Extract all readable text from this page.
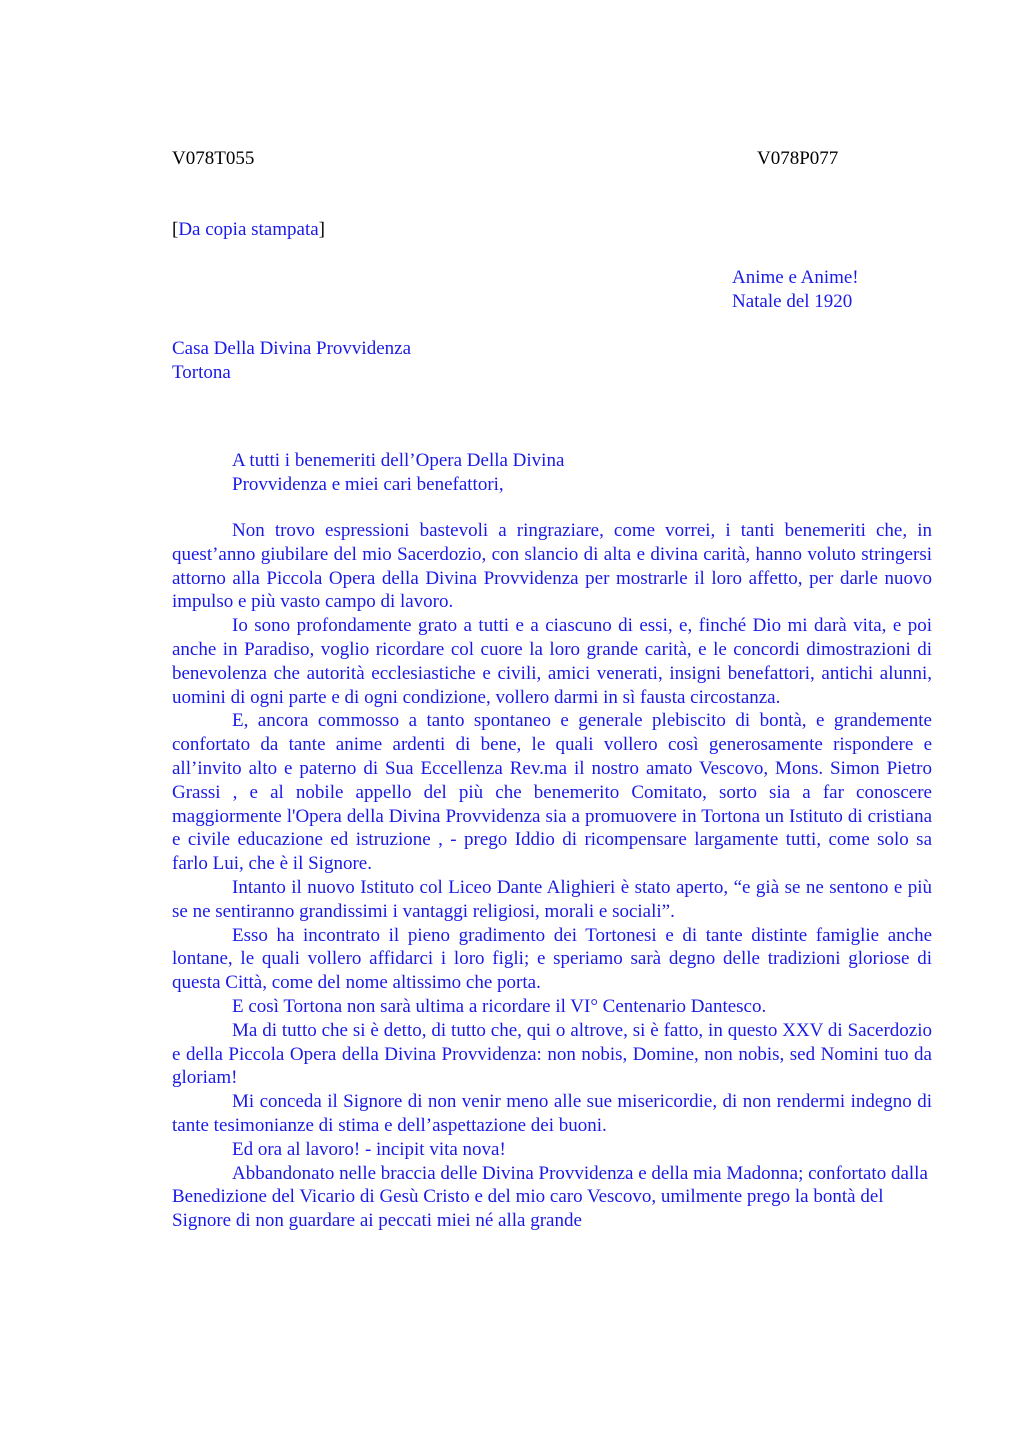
V078T055	V078P077
[Da copia stampata]
Anime e Anime!
Natale del 1920
Casa Della Divina Provvidenza
Tortona
A tutti i benemeriti dell’Opera Della Divina
Provvidenza e miei cari benefattori,

Non trovo espressioni bastevoli a ringraziare, come vorrei, i tanti benemeriti che, in quest’anno giubilare del mio Sacerdozio, con slancio di alta e divina carità, hanno voluto stringersi attorno alla Piccola Opera della Divina Provvidenza per mostrarle il loro affetto, per darle nuovo impulso e più vasto campo di lavoro.

Io sono profondamente grato a tutti e a ciascuno di essi, e, finché Dio mi darà vita, e poi anche in Paradiso, voglio ricordare col cuore la loro grande carità, e le concordi dimostrazioni di benevolenza che autorità ecclesiastiche e civili, amici venerati, insigni benefattori, antichi alunni, uomini di ogni parte e di ogni condizione, vollero darmi in sì fausta circostanza.

E, ancora commosso a tanto spontaneo e generale plebiscito di bontà, e grandemente confortato da tante anime ardenti di bene, le quali vollero così generosamente rispondere e all’invito alto e paterno di Sua Eccellenza Rev.ma il nostro amato Vescovo, Mons. Simon Pietro Grassi , e al nobile appello del più che benemerito Comitato, sorto sia a far conoscere maggiormente l'Opera della Divina Provvidenza sia a promuovere in Tortona un Istituto di cristiana e civile educazione ed istruzione , - prego Iddio di ricompensare largamente tutti, come solo sa farlo Lui, che è il Signore.

Intanto il nuovo Istituto col Liceo Dante Alighieri è stato aperto, “e già se ne sentono e più se ne sentiranno grandissimi i vantaggi religiosi, morali e sociali”.

Esso ha incontrato il pieno gradimento dei Tortonesi e di tante distinte famiglie anche lontane, le quali vollero affidarci i loro figli; e speriamo sarà degno delle tradizioni gloriose di questa Città, come del nome altissimo che porta.

E così Tortona non sarà ultima a ricordare il VI° Centenario Dantesco.

Ma di tutto che si è detto, di tutto che, qui o altrove, si è fatto, in questo XXV di Sacerdozio e della Piccola Opera della Divina Provvidenza: non nobis, Domine, non nobis, sed Nomini tuo da gloriam!

Mi conceda il Signore di non venir meno alle sue misericordie, di non rendermi indegno di tante tesimonianze di stima e dell’aspettazione dei buoni.

Ed ora al lavoro! - incipit vita nova!

Abbandonato nelle braccia delle Divina Provvidenza e della mia Madonna; confortato dalla Benedizione del Vicario di Gesù Cristo e del mio caro Vescovo, umilmente prego la bontà del Signore di non guardare ai peccati miei né alla grande
